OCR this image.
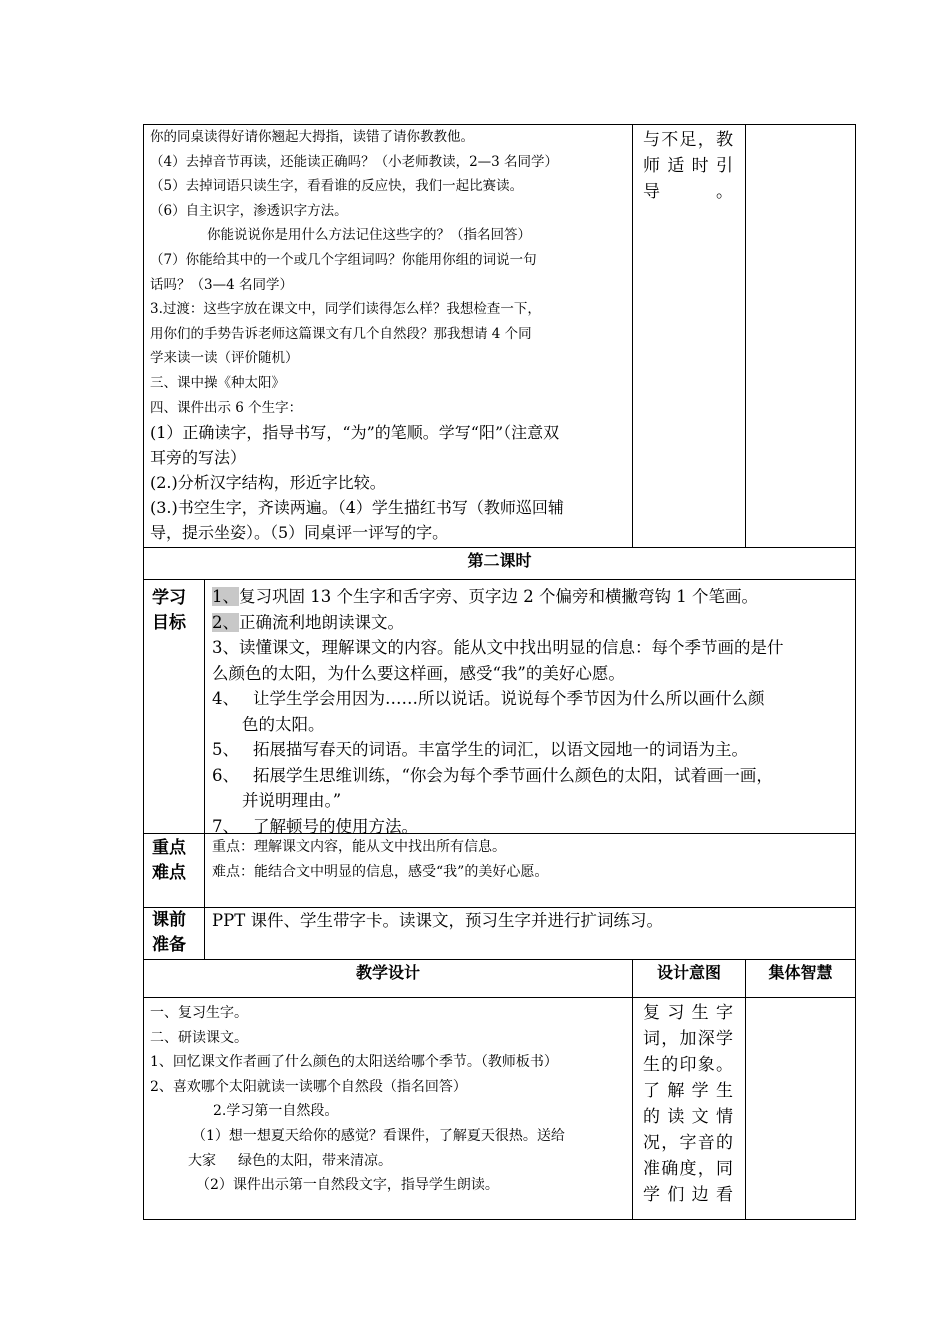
你的同桌读得好请你翘起大拇指，读错了请你教教他。
（4）去掉音节再读，还能读正确吗？（小老师教读，2—3 名同学）
（5）去掉词语只读生字，看看谁的反应快，我们一起比赛读。
（6）自主识字，渗透识字方法。
你能说说你是用什么方法记住这些字的？（指名回答）
（7）你能给其中的一个或几个字组词吗？你能用你组的词说一句
话吗？（3—4 名同学）
3.过渡：这些字放在课文中，同学们读得怎么样？我想检查一下，
用你们的手势告诉老师这篇课文有几个自然段？那我想请 4 个同
学来读一读（评价随机）
三、课中操《种太阳》
四、课件出示 6 个生字：
(1）正确读字，指导书写，“为”的笔顺。学写“阳”（注意双
耳旁的写法）
(2.)分析汉字结构，形近字比较。
(3.)书空生字，齐读两遍。（4）学生描红书写（教师巡回辅
导，提示坐姿）。（5）同桌评一评写的字。
与不足，教
师适时引
导。
第二课时
学习
目标
1、复习巩固 13 个生字和舌字旁、页字边 2 个偏旁和横撇弯钩 1 个笔画。
2、正确流利地朗读课文。
3、读懂课文，理解课文的内容。能从文中找出明显的信息：每个季节画的是什
么颜色的太阳，为什么要这样画，感受“我”的美好心愿。
4、 让学生学会用因为……所以说话。说说每个季节因为什么所以画什么颜
色的太阳。
5、 拓展描写春天的词语。丰富学生的词汇，以语文园地一的词语为主。
6、 拓展学生思维训练，“你会为每个季节画什么颜色的太阳，试着画一画，
并说明理由。”
7、 了解顿号的使用方法。
重点
难点
重点：理解课文内容，能从文中找出所有信息。
难点：能结合文中明显的信息，感受“我”的美好心愿。
课前
准备
PPT 课件、学生带字卡。读课文，预习生字并进行扩词练习。
教学设计	设计意图	集体智慧
一、复习生字。
二、研读课文。
1、回忆课文作者画了什么颜色的太阳送给哪个季节。（教师板书）
2、喜欢哪个太阳就读一读哪个自然段（指名回答）
2.学习第一自然段。
（1）想一想夏天给你的感觉？看课件，了解夏天很热。送给
大家 绿色的太阳，带来清凉。
（2）课件出示第一自然段文字，指导学生朗读。
复习生字
词，加深学
生的印象。
了解学生
的读文情
况，字音的
准确度，同
学们边看
